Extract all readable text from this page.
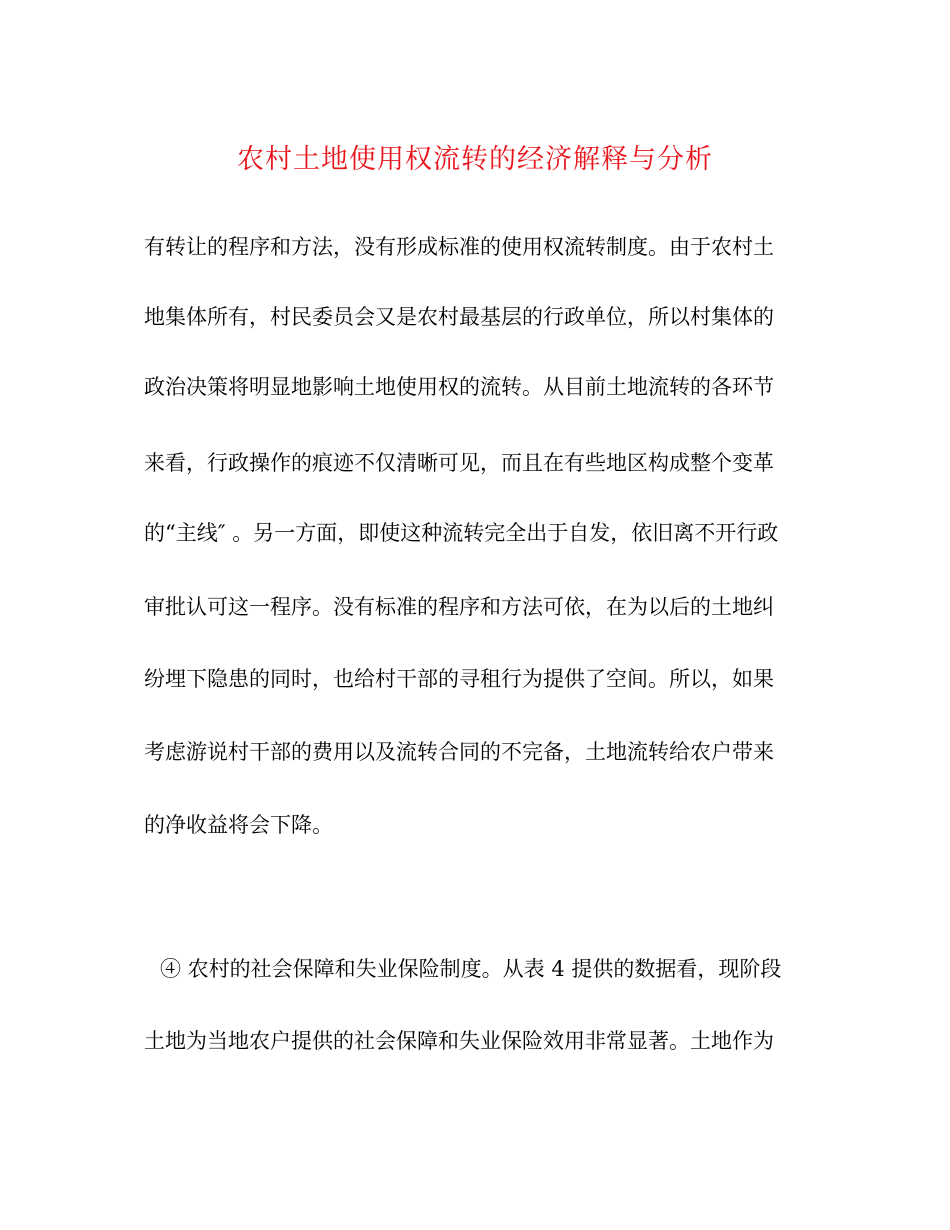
农村土地使用权流转的经济解释与分析
有转让的程序和方法，没有形成标准的使用权流转制度。由于农村土
地集体所有，村民委员会又是农村最基层的行政单位，所以村集体的
政治决策将明显地影响土地使用权的流转。从目前土地流转的各环节
来看，行政操作的痕迹不仅清晰可见，而且在有些地区构成整个变革
的“主线″ 。另一方面，即使这种流转完全出于自发，依旧离不开行政
审批认可这一程序。没有标准的程序和方法可依，在为以后的土地纠
纷埋下隐患的同时，也给村干部的寻租行为提供了空间。所以，如果
考虑游说村干部的费用以及流转合同的不完备，土地流转给农户带来
的净收益将会下降。
④ 农村的社会保障和失业保险制度。从表 4 提供的数据看，现阶段
土地为当地农户提供的社会保障和失业保险效用非常显著。土地作为
